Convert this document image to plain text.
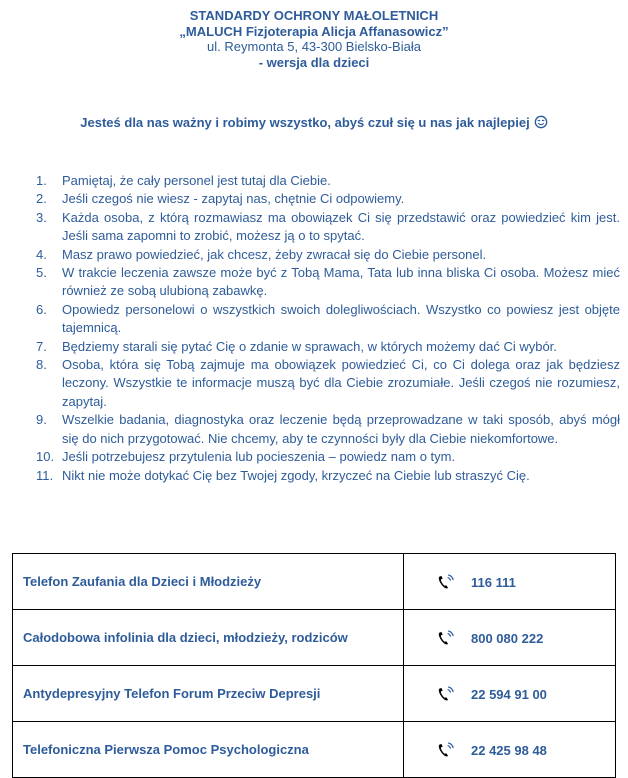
STANDARDY OCHRONY MAŁOLETNICH
„MALUCH Fizjoterapia Alicja Affanasowicz”
ul. Reymonta 5, 43-300 Bielsko-Biała
- wersja dla dzieci
Jesteś dla nas ważny i robimy wszystko, abyś czuł się u nas jak najlepiej
1. Pamiętaj, że cały personel jest tutaj dla Ciebie.
2. Jeśli czegoś nie wiesz - zapytaj nas, chętnie Ci odpowiemy.
3. Każda osoba, z którą rozmawiasz ma obowiązek Ci się przedstawić oraz powiedzieć kim jest. Jeśli sama zapomni to zrobić, możesz ją o to spytać.
4. Masz prawo powiedzieć, jak chcesz, żeby zwracał się do Ciebie personel.
5. W trakcie leczenia zawsze może być z Tobą Mama, Tata lub inna bliska Ci osoba. Możesz mieć również ze sobą ulubioną zabawkę.
6. Opowiedz personelowi o wszystkich swoich dolegliwościach. Wszystko co powiesz jest objęte tajemnicą.
7. Będziemy starali się pytać Cię o zdanie w sprawach, w których możemy dać Ci wybór.
8. Osoba, która się Tobą zajmuje ma obowiązek powiedzieć Ci, co Ci dolega oraz jak będziesz leczony. Wszystkie te informacje muszą być dla Ciebie zrozumiałe. Jeśli czegoś nie rozumiesz, zapytaj.
9. Wszelkie badania, diagnostyka oraz leczenie będą przeprowadzane w taki sposób, abyś mógł się do nich przygotować. Nie chcemy, aby te czynności były dla Ciebie niekomfortowe.
10. Jeśli potrzebujesz przytulenia lub pocieszenia – powiedz nam o tym.
11. Nikt nie może dotykać Cię bez Twojej zgody, krzyczeć na Ciebie lub straszyć Cię.
Telefon Zaufania dla Dzieci i Młodzieży	116 111
Całodobowa infolinia dla dzieci, młodzieży, rodziców	800 080 222
Antydepresyjny Telefon Forum Przeciw Depresji	22 594 91 00
Telefoniczna Pierwsza Pomoc Psychologiczna	22 425 98 48
